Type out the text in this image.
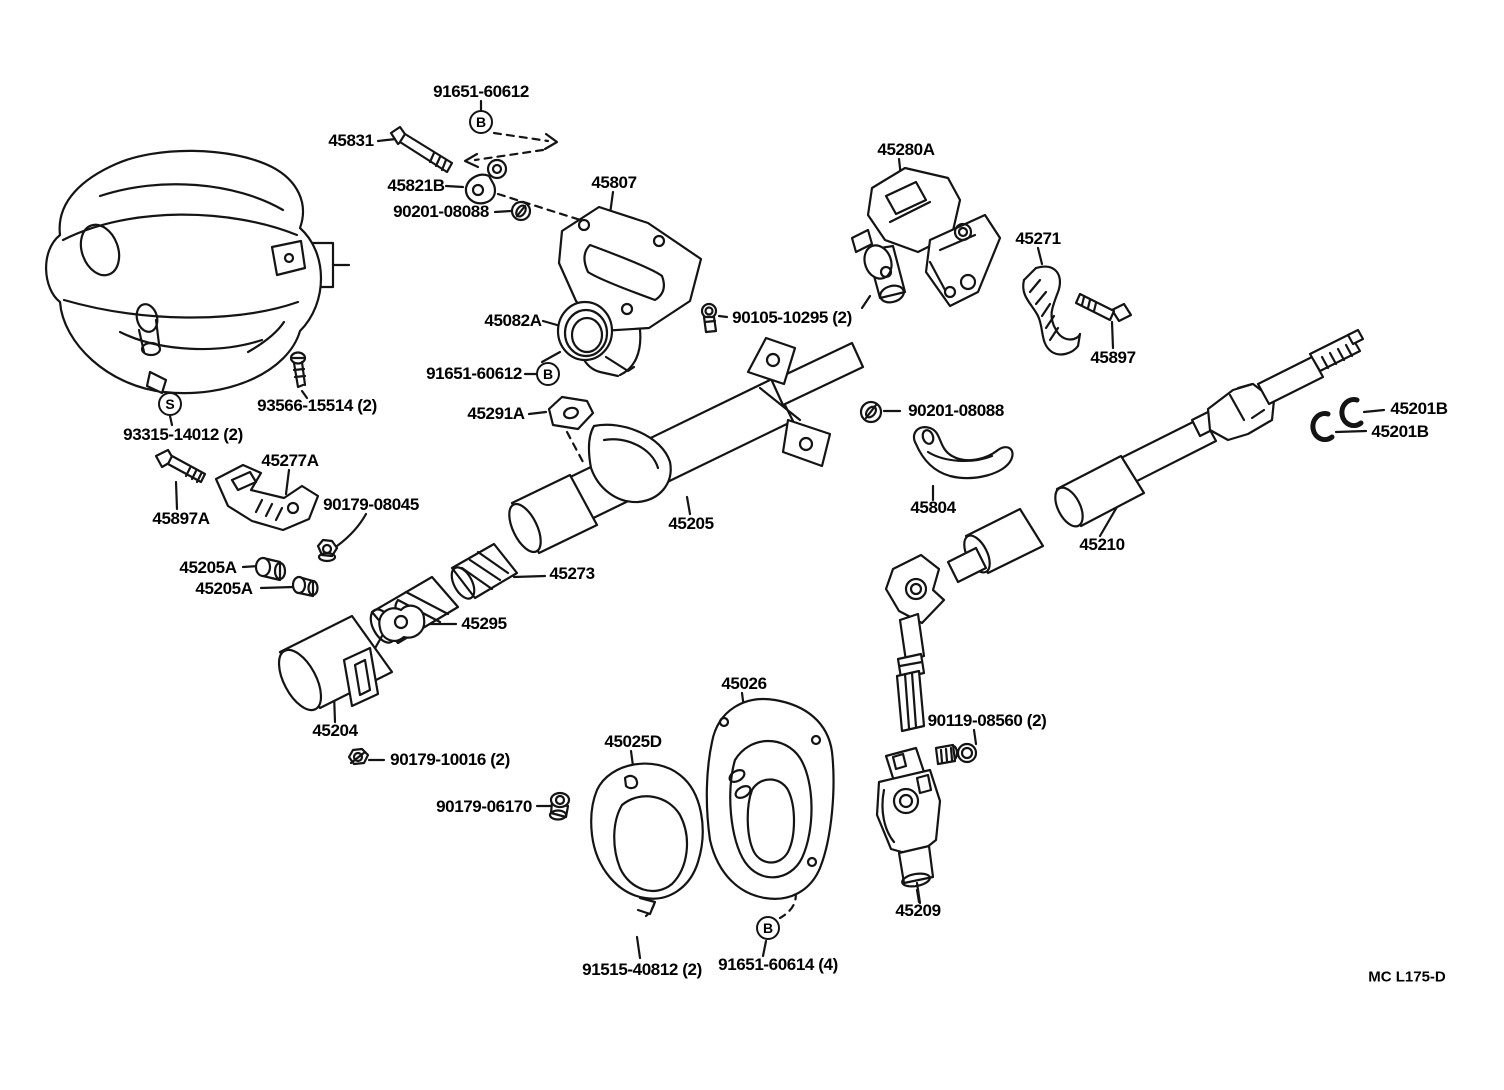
91651-60612
45831
45821B
90201-08088
45807
45280A
45271
45897
45082A	90105-10295 (2)
91651-60612
45291A	90201-08088
45804
45210
45201B
45201B
93566-15514 (2)
93315-14012 (2)
45277A
90179-08045
45897A
45205A
45205A
45273
45295
45205
45204
90179-10016 (2)
90179-06170
45025D
45026
90119-08560 (2)
45209
91515-40812 (2) 91651-60614 (4)
B
B
S
B
MC L175-D
